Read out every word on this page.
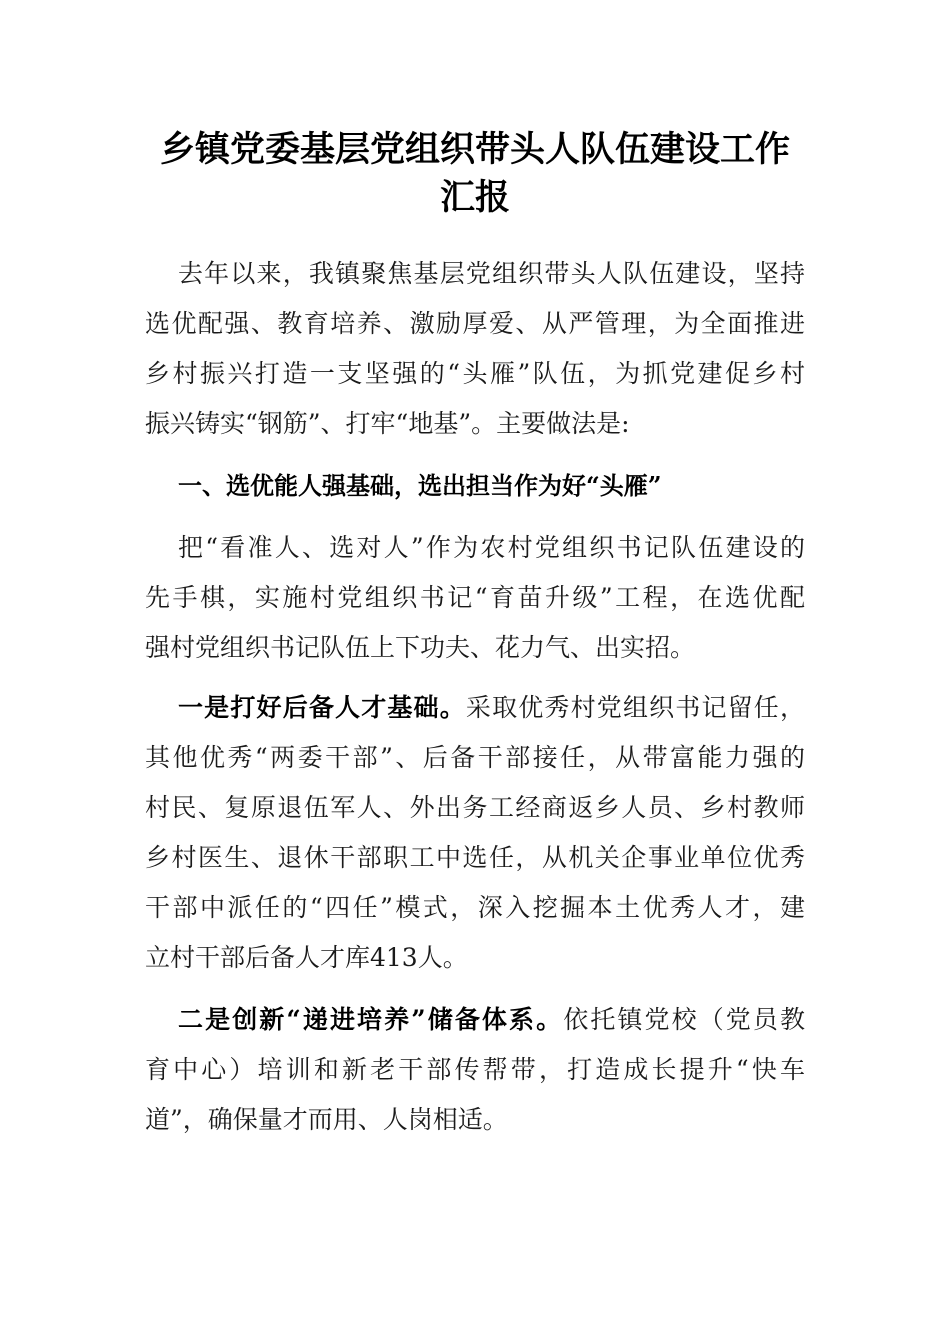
乡镇党委基层党组织带头人队伍建设工作
汇报
去年以来，我镇聚焦基层党组织带头人队伍建设，坚持
选优配强、教育培养、激励厚爱、从严管理，为全面推进
乡村振兴打造一支坚强的“头雁”队伍，为抓党建促乡村
振兴铸实“钢筋”、打牢“地基”。主要做法是:
一、选优能人强基础，选出担当作为好“头雁”
把“看准人、选对人”作为农村党组织书记队伍建设的
先手棋，实施村党组织书记“育苗升级”工程，在选优配
强村党组织书记队伍上下功夫、花力气、出实招。
一是打好后备人才基础。采取优秀村党组织书记留任，
其他优秀“两委干部”、后备干部接任，从带富能力强的
村民、复原退伍军人、外出务工经商返乡人员、乡村教师
乡村医生、退休干部职工中选任，从机关企事业单位优秀
干部中派任的“四任”模式，深入挖掘本土优秀人才，建
立村干部后备人才库413人。
二是创新“递进培养”储备体系。依托镇党校（党员教
育中心）培训和新老干部传帮带，打造成长提升“快车
道”，确保量才而用、人岗相适。
